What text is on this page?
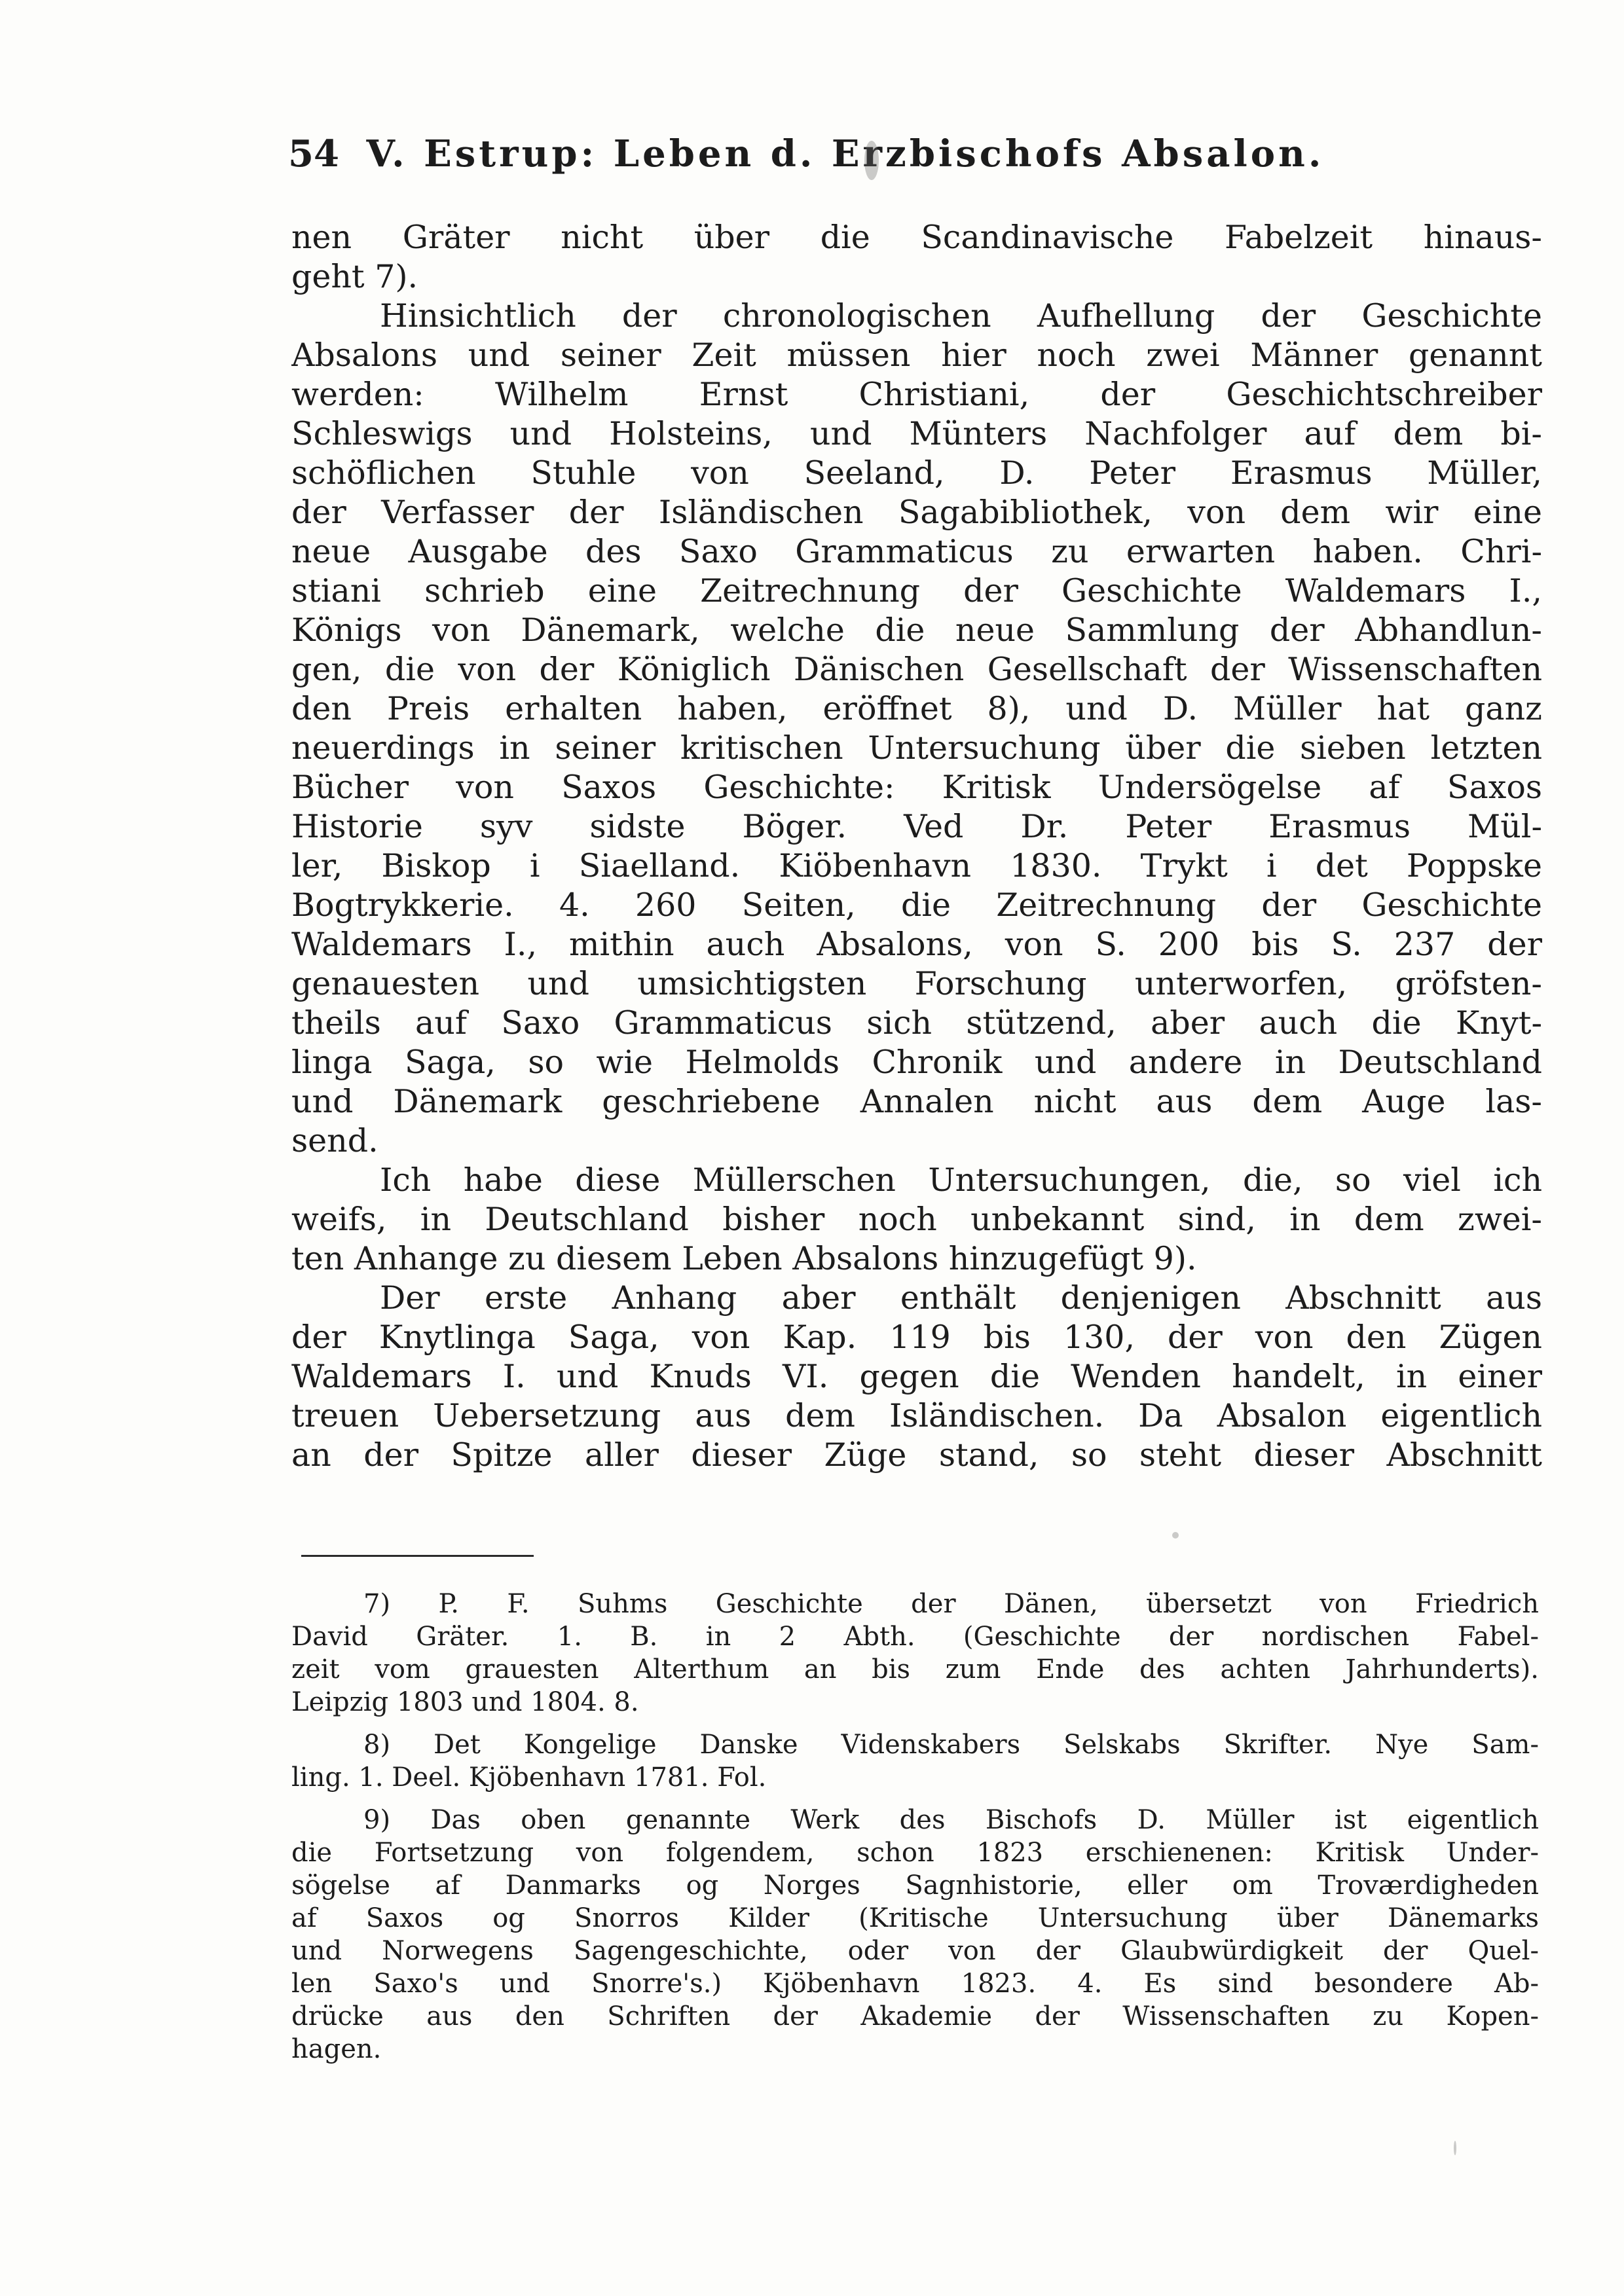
54 V. Estrup: Leben d. Erzbischofs Absalon.
nen Gräter nicht über die Scandinavische Fabelzeit hinaus-
geht 7).
Hinsichtlich der chronologischen Aufhellung der Geschichte
Absalons und seiner Zeit müssen hier noch zwei Männer genannt
werden: Wilhelm Ernst Christiani, der Geschichtschreiber
Schleswigs und Holsteins, und Münters Nachfolger auf dem bi-
schöflichen Stuhle von Seeland, D. Peter Erasmus Müller,
der Verfasser der Isländischen Sagabibliothek, von dem wir eine
neue Ausgabe des Saxo Grammaticus zu erwarten haben. Chri-
stiani schrieb eine Zeitrechnung der Geschichte Waldemars I.,
Königs von Dänemark, welche die neue Sammlung der Abhandlun-
gen, die von der Königlich Dänischen Gesellschaft der Wissenschaften
den Preis erhalten haben, eröffnet 8), und D. Müller hat ganz
neuerdings in seiner kritischen Untersuchung über die sieben letzten
Bücher von Saxos Geschichte: Kritisk Undersögelse af Saxos
Historie syv sidste Böger. Ved Dr. Peter Erasmus Mül-
ler, Biskop i Siaelland. Kiöbenhavn 1830. Trykt i det Poppske
Bogtrykkerie. 4. 260 Seiten, die Zeitrechnung der Geschichte
Waldemars I., mithin auch Absalons, von S. 200 bis S. 237 der
genauesten und umsichtigsten Forschung unterworfen, gröfsten-
theils auf Saxo Grammaticus sich stützend, aber auch die Knyt-
linga Saga, so wie Helmolds Chronik und andere in Deutschland
und Dänemark geschriebene Annalen nicht aus dem Auge las-
send.
Ich habe diese Müllerschen Untersuchungen, die, so viel ich
weifs, in Deutschland bisher noch unbekannt sind, in dem zwei-
ten Anhange zu diesem Leben Absalons hinzugefügt 9).
Der erste Anhang aber enthält denjenigen Abschnitt aus
der Knytlinga Saga, von Kap. 119 bis 130, der von den Zügen
Waldemars I. und Knuds VI. gegen die Wenden handelt, in einer
treuen Uebersetzung aus dem Isländischen. Da Absalon eigentlich
an der Spitze aller dieser Züge stand, so steht dieser Abschnitt
7) P. F. Suhms Geschichte der Dänen, übersetzt von Friedrich
David Gräter. 1. B. in 2 Abth. (Geschichte der nordischen Fabel-
zeit vom grauesten Alterthum an bis zum Ende des achten Jahrhunderts).
Leipzig 1803 und 1804. 8.
8) Det Kongelige Danske Videnskabers Selskabs Skrifter. Nye Sam-
ling. 1. Deel. Kjöbenhavn 1781. Fol.
9) Das oben genannte Werk des Bischofs D. Müller ist eigentlich
die Fortsetzung von folgendem, schon 1823 erschienenen: Kritisk Under-
sögelse af Danmarks og Norges Sagnhistorie, eller om Troværdigheden
af Saxos og Snorros Kilder (Kritische Untersuchung über Dänemarks
und Norwegens Sagengeschichte, oder von der Glaubwürdigkeit der Quel-
len Saxo's und Snorre's.) Kjöbenhavn 1823. 4. Es sind besondere Ab-
drücke aus den Schriften der Akademie der Wissenschaften zu Kopen-
hagen.
